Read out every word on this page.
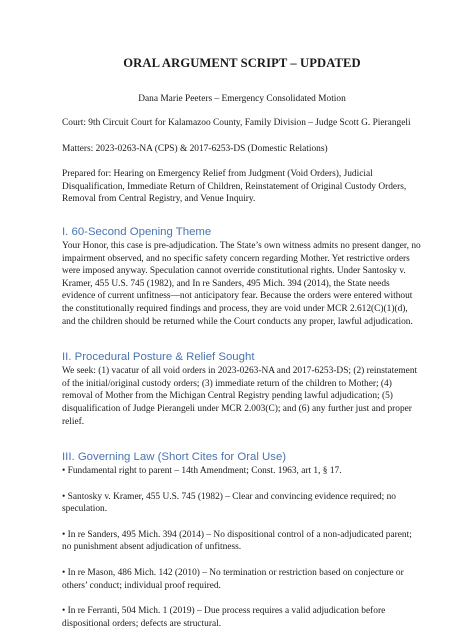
ORAL ARGUMENT SCRIPT – UPDATED
Dana Marie Peeters – Emergency Consolidated Motion
Court: 9th Circuit Court for Kalamazoo County, Family Division – Judge Scott G. Pierangeli
Matters: 2023-0263-NA (CPS) & 2017-6253-DS (Domestic Relations)
Prepared for: Hearing on Emergency Relief from Judgment (Void Orders), Judicial Disqualification, Immediate Return of Children, Reinstatement of Original Custody Orders, Removal from Central Registry, and Venue Inquiry.
I. 60-Second Opening Theme
Your Honor, this case is pre-adjudication. The State’s own witness admits no present danger, no impairment observed, and no specific safety concern regarding Mother. Yet restrictive orders were imposed anyway. Speculation cannot override constitutional rights. Under Santosky v. Kramer, 455 U.S. 745 (1982), and In re Sanders, 495 Mich. 394 (2014), the State needs evidence of current unfitness—not anticipatory fear. Because the orders were entered without the constitutionally required findings and process, they are void under MCR 2.612(C)(1)(d), and the children should be returned while the Court conducts any proper, lawful adjudication.
II. Procedural Posture & Relief Sought
We seek: (1) vacatur of all void orders in 2023-0263-NA and 2017-6253-DS; (2) reinstatement of the initial/original custody orders; (3) immediate return of the children to Mother; (4) removal of Mother from the Michigan Central Registry pending lawful adjudication; (5) disqualification of Judge Pierangeli under MCR 2.003(C); and (6) any further just and proper relief.
III. Governing Law (Short Cites for Oral Use)
• Fundamental right to parent – 14th Amendment; Const. 1963, art 1, § 17.
• Santosky v. Kramer, 455 U.S. 745 (1982) – Clear and convincing evidence required; no speculation.
• In re Sanders, 495 Mich. 394 (2014) – No dispositional control of a non-adjudicated parent; no punishment absent adjudication of unfitness.
• In re Mason, 486 Mich. 142 (2010) – No termination or restriction based on conjecture or others’ conduct; individual proof required.
• In re Ferranti, 504 Mich. 1 (2019) – Due process requires a valid adjudication before dispositional orders; defects are structural.
